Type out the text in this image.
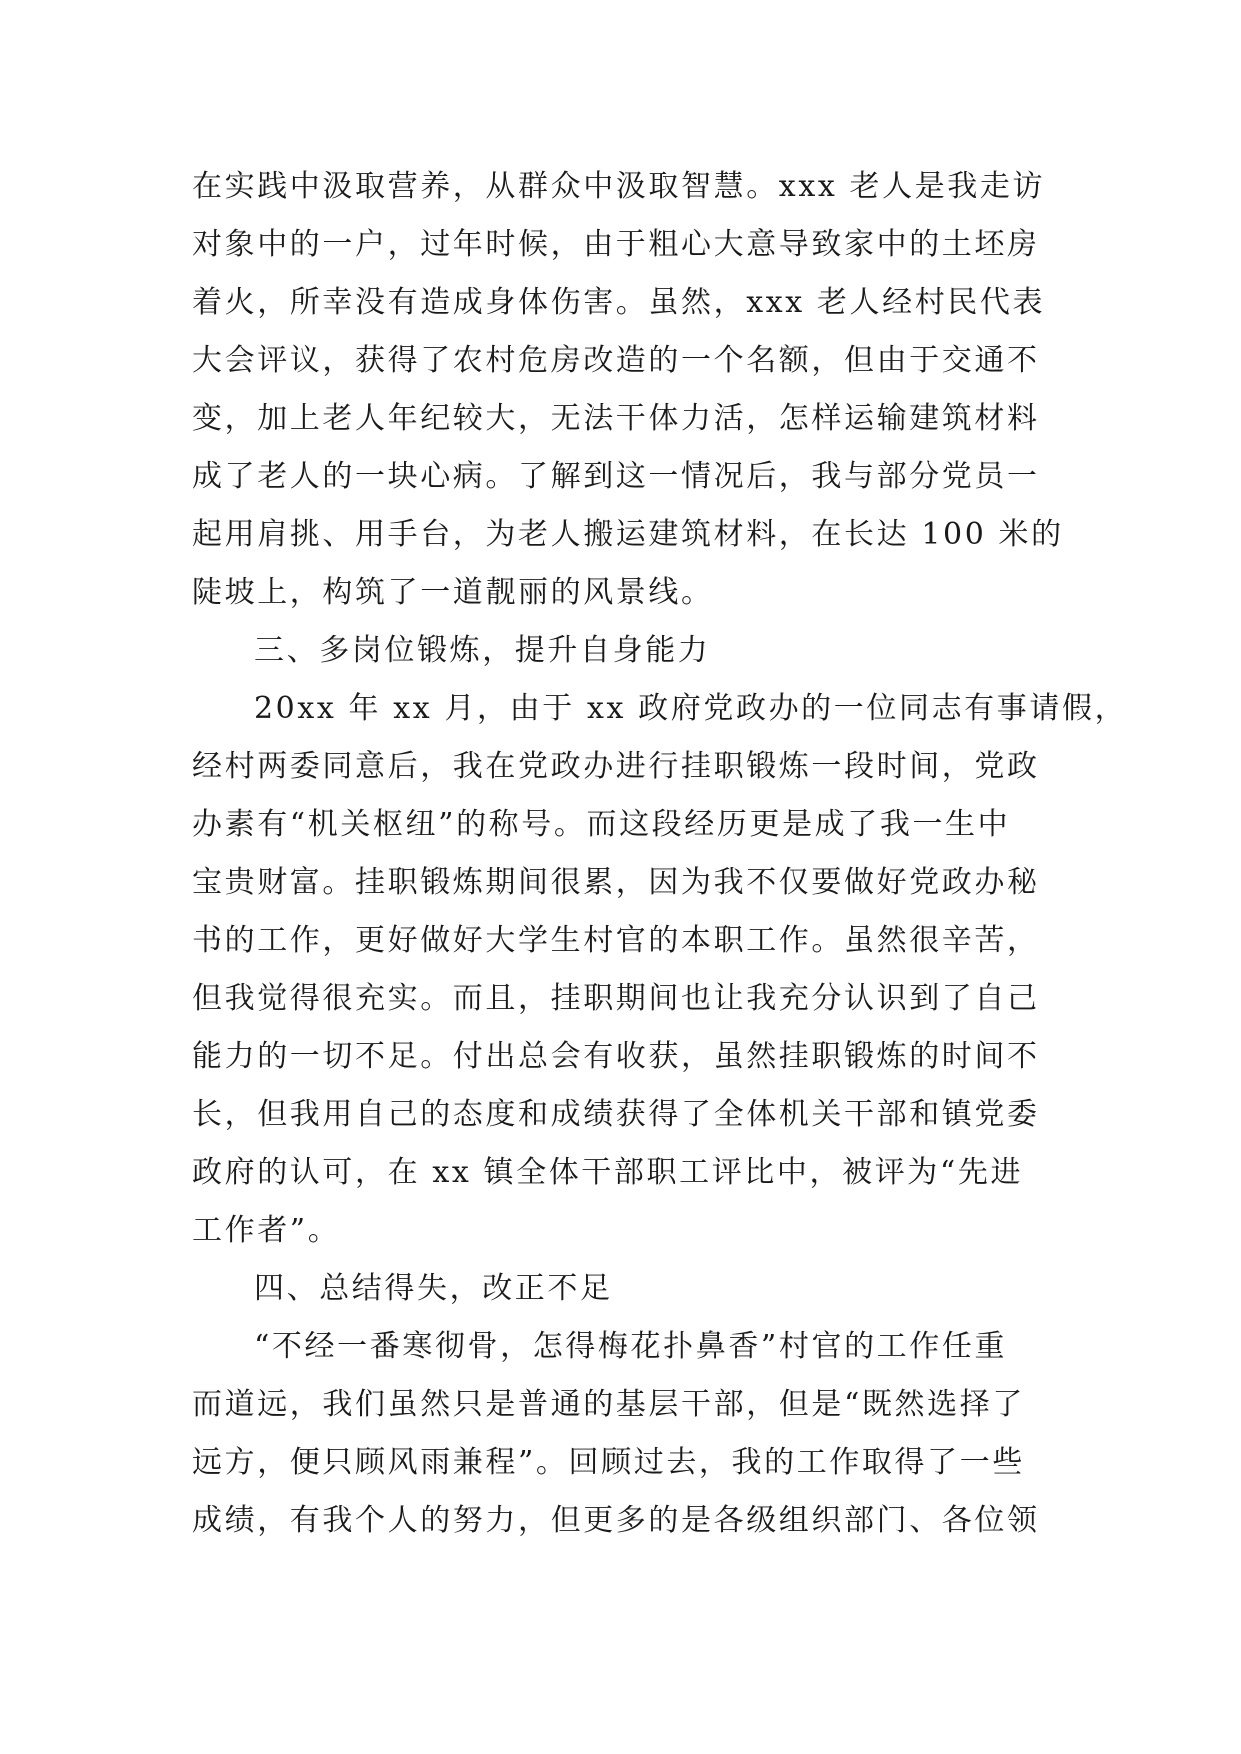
在实践中汲取营养，从群众中汲取智慧。xxx 老人是我走访
对象中的一户，过年时候，由于粗心大意导致家中的土坯房
着火，所幸没有造成身体伤害。虽然，xxx 老人经村民代表
大会评议，获得了农村危房改造的一个名额，但由于交通不
变，加上老人年纪较大，无法干体力活，怎样运输建筑材料
成了老人的一块心病。了解到这一情况后，我与部分党员一
起用肩挑、用手台，为老人搬运建筑材料，在长达 100 米的
陡坡上，构筑了一道靓丽的风景线。
三、多岗位锻炼，提升自身能力
20xx 年 xx 月，由于 xx 政府党政办的一位同志有事请假，
经村两委同意后，我在党政办进行挂职锻炼一段时间，党政
办素有“机关枢纽”的称号。而这段经历更是成了我一生中
宝贵财富。挂职锻炼期间很累，因为我不仅要做好党政办秘
书的工作，更好做好大学生村官的本职工作。虽然很辛苦，
但我觉得很充实。而且，挂职期间也让我充分认识到了自己
能力的一切不足。付出总会有收获，虽然挂职锻炼的时间不
长，但我用自己的态度和成绩获得了全体机关干部和镇党委
政府的认可，在 xx 镇全体干部职工评比中，被评为“先进
工作者”。
四、总结得失，改正不足
“不经一番寒彻骨，怎得梅花扑鼻香”村官的工作任重
而道远，我们虽然只是普通的基层干部，但是“既然选择了
远方，便只顾风雨兼程”。回顾过去，我的工作取得了一些
成绩，有我个人的努力，但更多的是各级组织部门、各位领
